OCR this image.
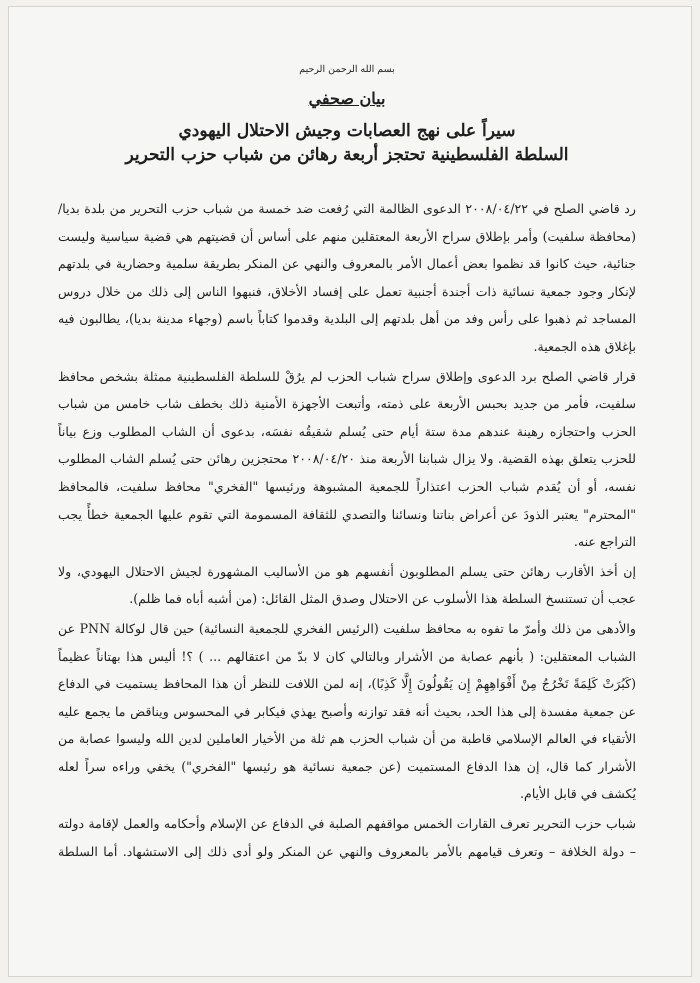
بسم الله الرحمن الرحيم
بيان صحفي
سيراً على نهج العصابات وجيش الاحتلال اليهودي
السلطة الفلسطينية تحتجز أربعة رهائن من شباب حزب التحرير

رد قاضي الصلح في ٢٠٠٨/٠٤/٢٢ الدعوى الظالمة التي رُفعت ضد خمسة من شباب حزب التحرير من بلدة بديا/ (محافظة سلفيت) وأمر بإطلاق سراح الأربعة المعتقلين منهم على أساس أن قضيتهم هي قضية سياسية وليست جنائية، حيث كانوا قد نظموا بعض أعمال الأمر بالمعروف والنهي عن المنكر بطريقة سلمية وحضارية في بلدتهم لإنكار وجود جمعية نسائية ذات أجندة أجنبية تعمل على إفساد الأخلاق، فنبهوا الناس إلى ذلك من خلال دروس المساجد ثم ذهبوا على رأس وفد من أهل بلدتهم إلى البلدية وقدموا كتاباً باسم (وجهاء مدينة بديا)، يطالبون فيه بإغلاق هذه الجمعية.

قرار قاضي الصلح برد الدعوى وإطلاق سراح شباب الحزب لم يرُقْ للسلطة الفلسطينية ممثلة بشخص محافظ سلفيت، فأمر من جديد بحبس الأربعة على ذمته، وأتبعت الأجهزة الأمنية ذلك بخطف شاب خامس من شباب الحزب واحتجازه رهينة عندهم مدة ستة أيام حتى يُسلم شقيقُه نفسَه، بدعوى أن الشاب المطلوب وزع بياناً للحزب يتعلق بهذه القضية. ولا يزال شبابنا الأربعة منذ ٢٠٠٨/٠٤/٢٠ محتجزين رهائن حتى يُسلم الشاب المطلوب نفسه، أو أن يُقدم شباب الحزب اعتذاراً للجمعية المشبوهة ورئيسها "الفخري" محافظ سلفيت، فالمحافظ "المحترم" يعتبر الذودَ عن أعراض بناتنا ونسائنا والتصدي للثقافة المسمومة التي تقوم عليها الجمعية خطأً يجب التراجع عنه.

إن أخذ الأقارب رهائن حتى يسلم المطلوبون أنفسهم هو من الأساليب المشهورة لجيش الاحتلال اليهودي، ولا عجب أن تستنسخ السلطة هذا الأسلوب عن الاحتلال وصدق المثل القائل: (من أشبه أباه فما ظلم).

والأدهى من ذلك وأمرّ ما تفوه به محافظ سلفيت (الرئيس الفخري للجمعية النسائية) حين قال لوكالة PNN عن الشباب المعتقلين: ( بأنهم عصابة من الأشرار وبالتالي كان لا بدّ من اعتقالهم ... ) ؟! أليس هذا بهتاناً عظيماً (كَبُرَتْ كَلِمَةً تَخْرُجُ مِنْ أَفْوَاهِهِمْ إِن يَقُولُونَ إِلَّا كَذِبًا)، إنه لمن اللافت للنظر أن هذا المحافظ يستميت في الدفاع عن جمعية مفسدة إلى هذا الحد، بحيث أنه فقد توازنه وأصبح يهذي فيكابر في المحسوس ويناقض ما يجمع عليه الأتقياء في العالم الإسلامي قاطبة من أن شباب الحزب هم ثلة من الأخيار العاملين لدين الله وليسوا عصابة من الأشرار كما قال، إن هذا الدفاع المستميت (عن جمعية نسائية هو رئيسها "الفخري") يخفي وراءه سراً لعله يُكشف في قابل الأيام.

شباب حزب التحرير تعرف القارات الخمس مواقفهم الصلبة في الدفاع عن الإسلام وأحكامه والعمل لإقامة دولته – دولة الخلافة – وتعرف قيامهم بالأمر بالمعروف والنهي عن المنكر ولو أدى ذلك إلى الاستشهاد. أما السلطة
